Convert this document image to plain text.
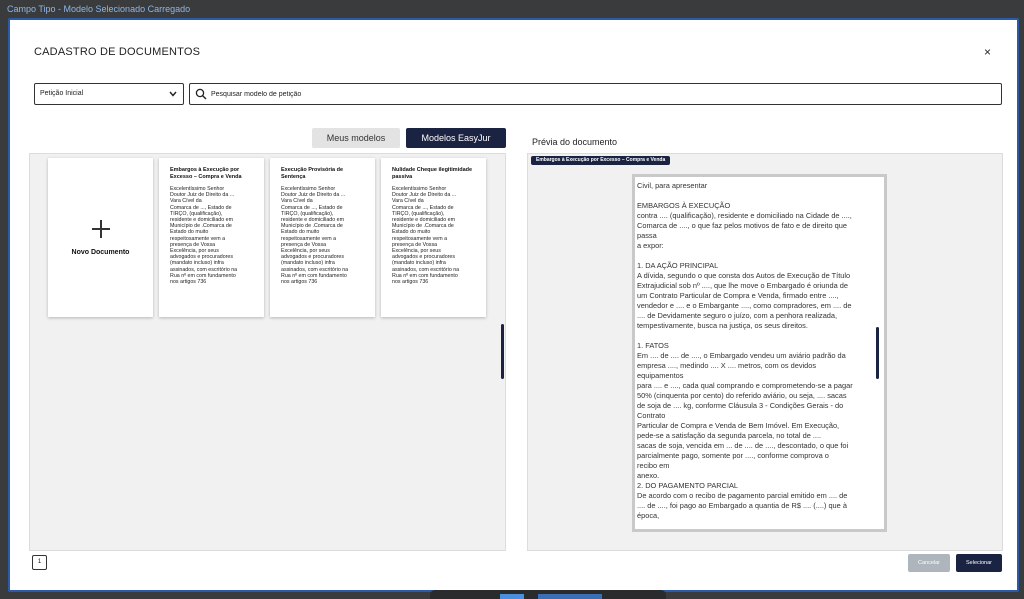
Campo Tipo - Modelo Selecionado Carregado
CADASTRO DE DOCUMENTOS	×
Petição Inicial
Pesquisar modelo de petição
Meus modelos	Modelos EasyJur
Novo Documento
Embargos à Execução por Excesso – Compra e Venda
Excelentíssimo Senhor
Doutor Juiz de Direito da ...
Vara Cível da
Comarca de ..., Estado de
TIRÇO, (qualificação),
residente e domiciliado em
Município de .Comarca de
Estado do muito
respeitosamente vem a
presença de Vossa
Excelência, por seus
advogados e procuradores
(mandato incluso) infra
assinados, com escritório na
Rua nº em com fundamento
nos artigos 736
Execução Provisória de Sentença
Excelentíssimo Senhor
Doutor Juiz de Direito da ...
Vara Cível da
Comarca de ..., Estado de
TIRÇO, (qualificação),
residente e domiciliado em
Município de .Comarca de
Estado do muito
respeitosamente vem a
presença de Vossa
Excelência, por seus
advogados e procuradores
(mandato incluso) infra
assinados, com escritório na
Rua nº em com fundamento
nos artigos 736
Nulidade Cheque ilegitimidade passiva
Excelentíssimo Senhor
Doutor Juiz de Direito da ...
Vara Cível da
Comarca de ..., Estado de
TIRÇO, (qualificação),
residente e domiciliado em
Município de .Comarca de
Estado do muito
respeitosamente vem a
presença de Vossa
Excelência, por seus
advogados e procuradores
(mandato incluso) infra
assinados, com escritório na
Rua nº em com fundamento
nos artigos 736
1
Prévia do documento
Embargos à Execução por Excesso – Compra e Venda
Civil, para apresentar

EMBARGOS À EXECUÇÃO
contra .... (qualificação), residente e domiciliado na Cidade de ....,
Comarca de ...., o que faz pelos motivos de fato e de direito que
passa
a expor:

1. DA AÇÃO PRINCIPAL
A dívida, segundo o que consta dos Autos de Execução de Título
Extrajudicial sob nº ...., que lhe move o Embargado é oriunda de
um Contrato Particular de Compra e Venda, firmado entre ....,
vendedor e .... e o Embargante ...., como compradores, em .... de
.... de Devidamente seguro o juízo, com a penhora realizada,
tempestivamente, busca na justiça, os seus direitos.

1. FATOS
Em .... de .... de ...., o Embargado vendeu um aviário padrão da
empresa ...., medindo .... X .... metros, com os devidos
equipamentos
para .... e ...., cada qual comprando e comprometendo-se a pagar
50% (cinquenta por cento) do referido aviário, ou seja, .... sacas
de soja de .... kg, conforme Cláusula 3 - Condições Gerais - do
Contrato
Particular de Compra e Venda de Bem Imóvel. Em Execução,
pede-se a satisfação da segunda parcela, no total de ....
sacas de soja, vencida em ... de .... de ...., descontado, o que foi
parcialmente pago, somente por ...., conforme comprova o
recibo em
anexo.
2. DO PAGAMENTO PARCIAL
De acordo com o recibo de pagamento parcial emitido em .... de
.... de ...., foi pago ao Embargado a quantia de R$ .... (....) que à
época,
Cancelar	Selecionar
